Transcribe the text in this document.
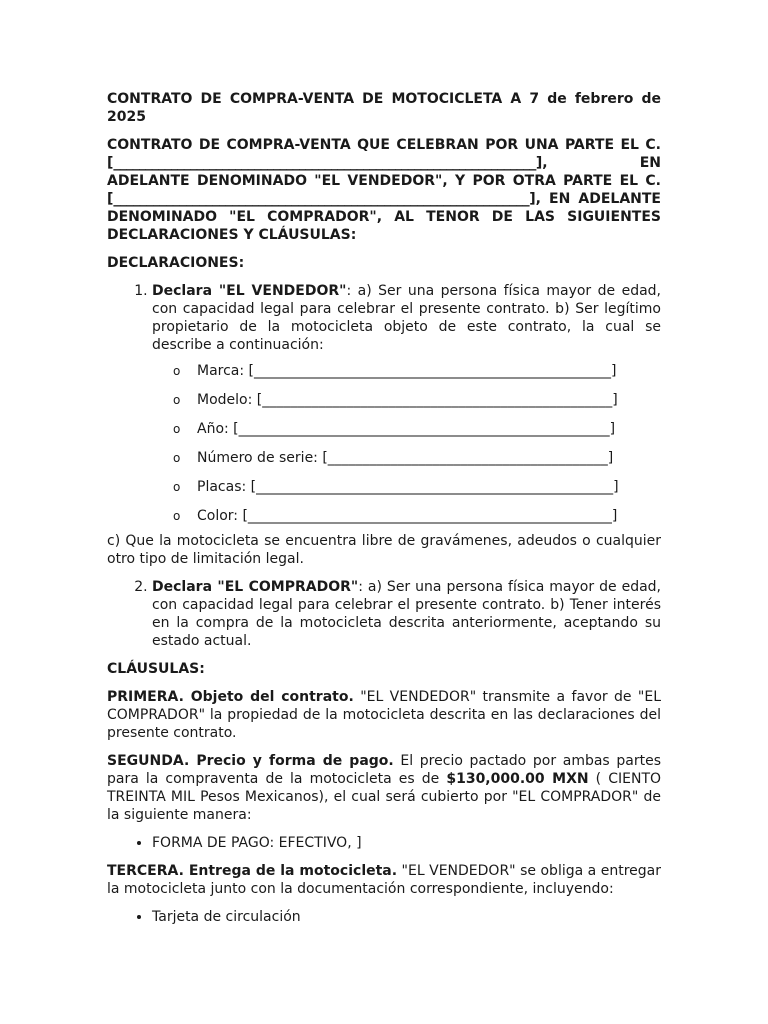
CONTRATO DE COMPRA-VENTA DE MOTOCICLETA A 7 de febrero de 2025

CONTRATO DE COMPRA-VENTA QUE CELEBRAN POR UNA PARTE EL C. [__________________________________________________________________], EN ADELANTE DENOMINADO "EL VENDEDOR", Y POR OTRA PARTE EL C. [_______________________________________________________________], EN ADELANTE DENOMINADO "EL COMPRADOR", AL TENOR DE LAS SIGUIENTES DECLARACIONES Y CLÁUSULAS:

DECLARACIONES:

1. Declara "EL VENDEDOR": a) Ser una persona física mayor de edad, con capacidad legal para celebrar el presente contrato. b) Ser legítimo propietario de la motocicleta objeto de este contrato, la cual se describe a continuación:
o Marca: [___________________________________________________]
o Modelo: [__________________________________________________]
o Año: [_____________________________________________________]
o Número de serie: [________________________________________]
o Placas: [___________________________________________________]
o Color: [____________________________________________________]

c) Que la motocicleta se encuentra libre de gravámenes, adeudos o cualquier otro tipo de limitación legal.

2. Declara "EL COMPRADOR": a) Ser una persona física mayor de edad, con capacidad legal para celebrar el presente contrato. b) Tener interés en la compra de la motocicleta descrita anteriormente, aceptando su estado actual.

CLÁUSULAS:

PRIMERA. Objeto del contrato. "EL VENDEDOR" transmite a favor de "EL COMPRADOR" la propiedad de la motocicleta descrita en las declaraciones del presente contrato.

SEGUNDA. Precio y forma de pago. El precio pactado por ambas partes para la compraventa de la motocicleta es de $130,000.00 MXN ( CIENTO TREINTA MIL Pesos Mexicanos), el cual será cubierto por "EL COMPRADOR" de la siguiente manera:

• FORMA DE PAGO: EFECTIVO, ]

TERCERA. Entrega de la motocicleta. "EL VENDEDOR" se obliga a entregar la motocicleta junto con la documentación correspondiente, incluyendo:

• Tarjeta de circulación
